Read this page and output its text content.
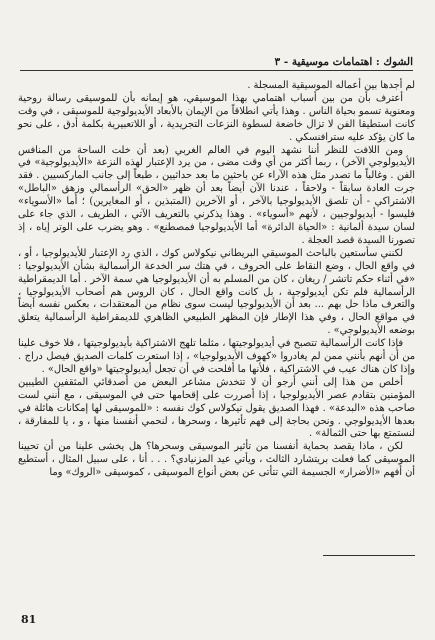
الشوك : اهتمامات موسيقية - ٣

لم أجدها بين أعماله الموسيقية المسجلة .

أعترف بأن من بين أسباب اهتمامي بهذا الموسيقي، هو إيمانه بأن للموسيقى رسالة روحية ومعنوية تسمو بحياة الناس . وهذا يأتي انطلاقاً من الإيمان بالأبعاد الأيديولوجية للموسيقى ، في وقت كانت استطيقا الفن لا تزال خاضعة لسطوة النزعات التجريدية ، أو اللاتعبيرية بكلمة أدق ، على نحو ما كان يؤكد عليه سترافنسكي .

ومن اللافت للنظر أننا نشهد اليوم في العالم الغربي (بعد أن خلت الساحة من المنافس الأيديولوجي الآخر) ، ربما أكثر من أي وقت مضى ، من يرد الإعتبار لهذه النزعة «الأيديولوجية» في الفن . وغالباً ما تصدر مثل هذه الآراء عن باحثين ما بعد حداثيين ، طبعاً إلى جانب الماركسيين . فقد جرت العادة سابقاً - ولاحقاً ، عندنا الآن أيضاً بعد أن ظهر «الحق» الرأسمالي وزهق «الباطل» الاشتراكي - أن تلصق الأيديولوجيا بالآخر ، أو الآخرين (المتبذين ، أو المغايرين) ؛ أما «الأسوياء» فليسوا - أيديولوجيين ، لأنهم «أسوياء» . وهذا يذكرني بالتعريف الآتي ، الطريف ، الذي جاء على لسان سيدة ألمانية : «الحياة الدائرة» أما الأيديولوجيا فمصطنع» . وهو يضرب على الوتر إياه ، إذ تصورنا السيدة قصد العجلة .

لكنني سأستعين بالباحث الموسيقي البريطاني نيكولاس كوك ، الذي رد الإعتبار للأيديولوجيا ، أو ، في واقع الحال ، وضع النقاط على الحروف ، في هتك سر الخدعة الرأسمالية بشأن الأيديولوجيا : «في أثناء حكم تاتشر / ريغان ، كان من المسلم به أن الأيديولوجيا هي سمة الآخر . أما الديمقراطية الرأسمالية فلم تكن أيديولوجية ، بل كانت واقع الحال ، كان الروس هم أصحاب الأيديولوجيا ، والتعرف ماذا حل بهم ... بعد أن الأيديولوجيا ليست سوى نظام من المعتقدات ، بعكس نفسه أيضاً في مواقع الحال ، وفي هذا الإطار فإن المظهر الطبيعي الظاهري للديمقراطية الرأسمالية يتعلق بوضعه الأيديولوجي» .

فإذا كانت الرأسمالية تتصبح في أيديولوجيتها ، مثلما تلهج الاشتراكية بأيديولوجيتها ، فلا خوف علينا من أن أنهم بأنني ممن لم يغادروا «كهوف الأيديولوجيا» ، إذا استعرت كلمات الصديق فيصل دراج . وإذا كان هناك عيب في الاشتراكية ، فلأنها ما أفلحت في أن تجعل أيديولوجيتها «واقع الحال» .

أخلص من هذا إلى أنني أرجو أن لا تتخدش مشاعر البعض من أصدقائي المثقفين الطيبين المؤمنين بتقادم عصر الأيديولوجيا ، إذا أصررت على إقحامها حتى في الموسيقى ، مع أنني لست صاحب هذه «البدعة» . فهذا الصديق يقول نيكولاس كوك نفسه : «للموسيقى لها إمكانات هائلة في بعدها الأيديولوجي . ونحن بحاجة إلى فهم تأثيرها ، وسحرها ، لنحمي أنفسنا منها ، و ، يا للمفارقة ، لنستمتع بها حتى الثمالة» .

لكن ، ماذا يقصد بحماية أنفسنا من تأثير الموسيقى وسحرها؟ هل يخشى علينا من أن تحيينا الموسيقى كما فعلت بريتشارد الثالث ، ويأتي عيد المزنيادي؟ . . . أنا ، على سبيل المثال ، أستطيع أن أفهم «الأضرار» الجسيمة التي تتأتى عن بعض أنواع الموسيقى ، كموسيقى «الروك» وما

81
